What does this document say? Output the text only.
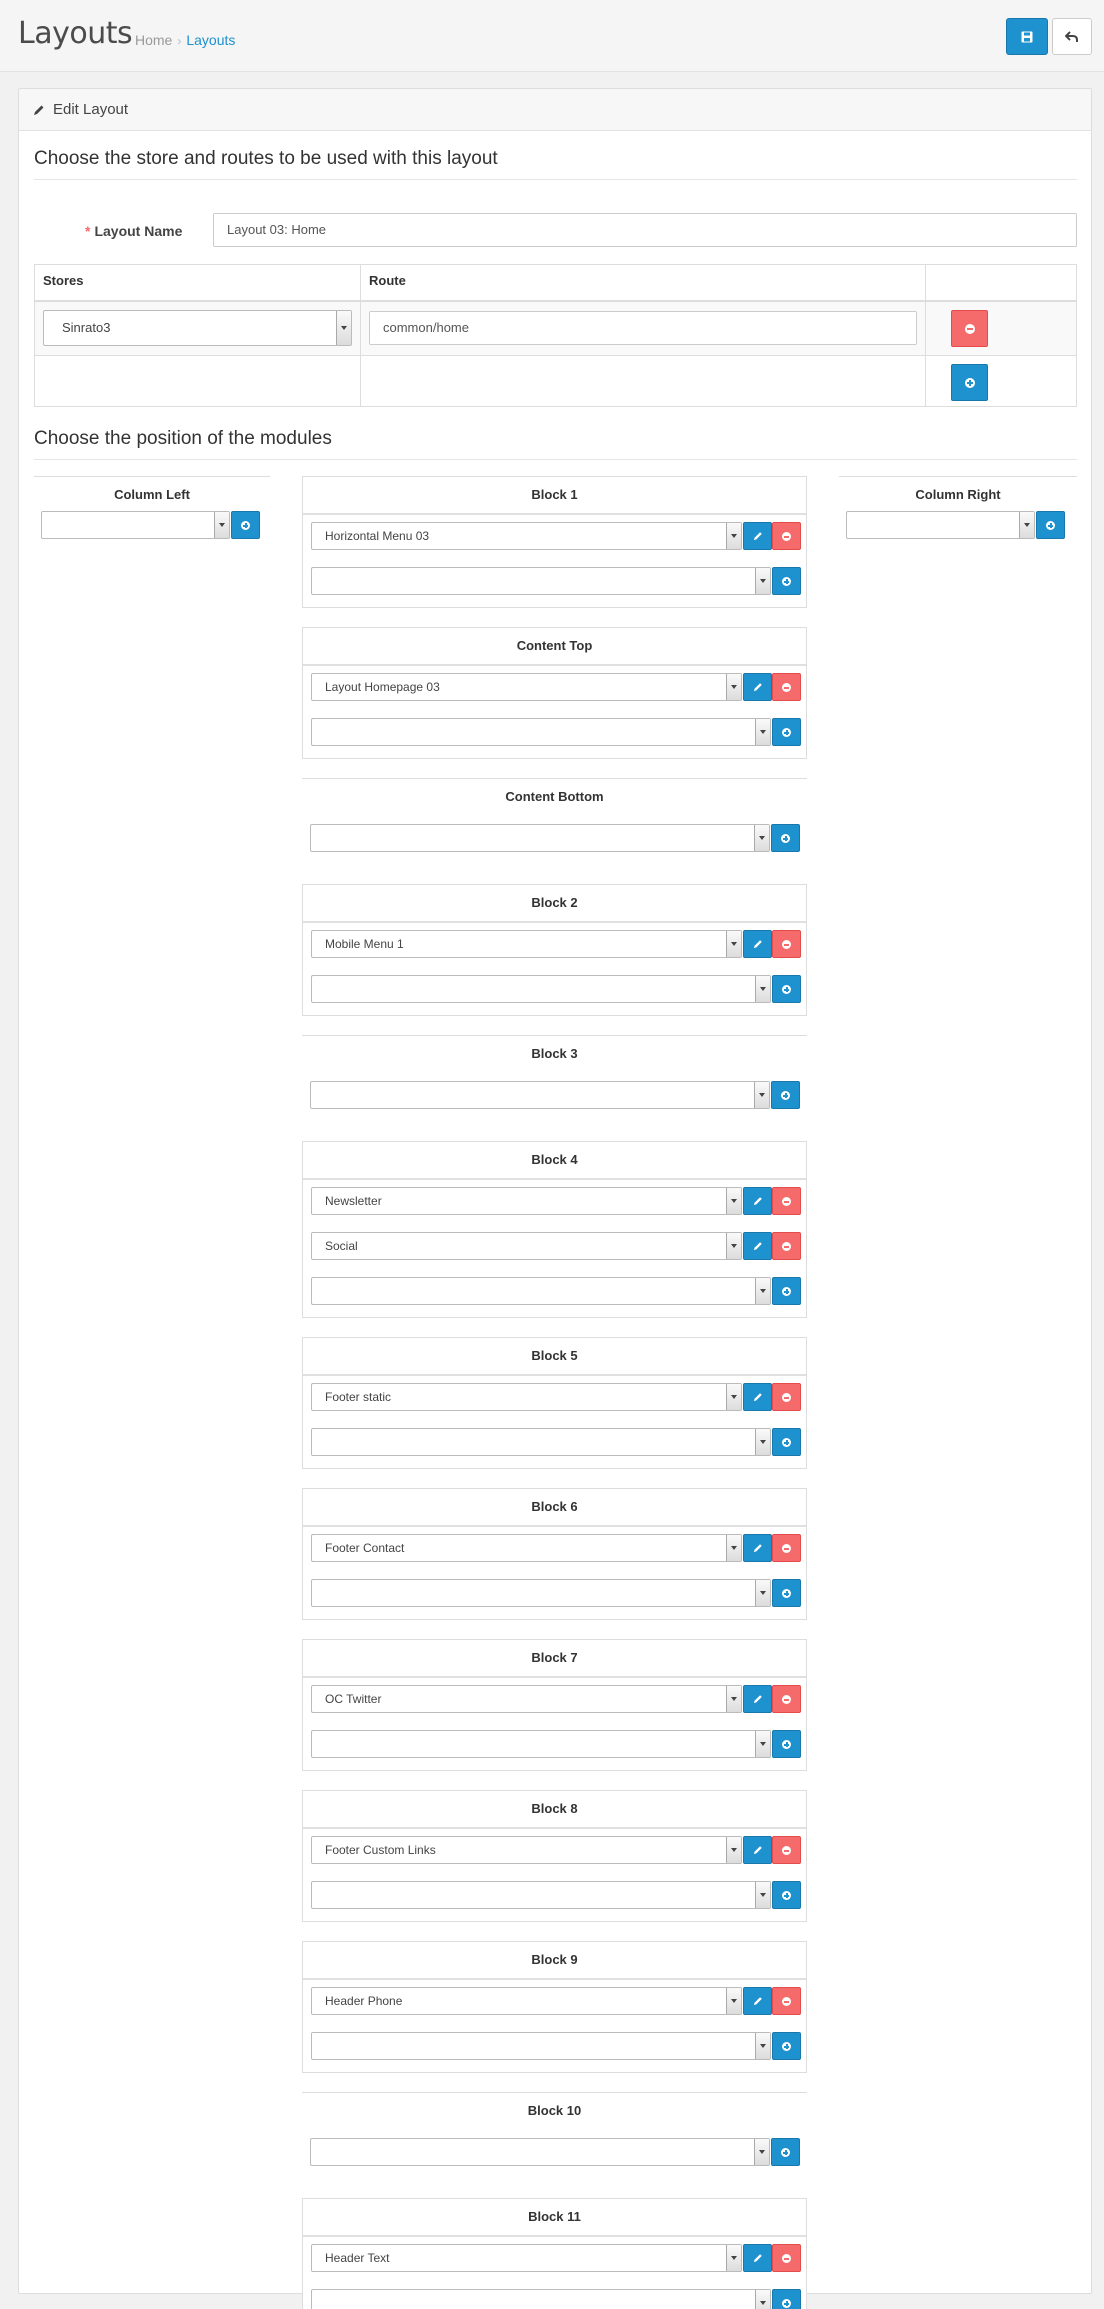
Layouts Home › Layouts
Edit Layout
Choose the store and routes to be used with this layout
* Layout Name	Layout 03: Home
Stores	Route
Sinrato3	common/home
Choose the position of the modules
Column Left	Column Right
Block 1
Horizontal Menu 03
Content Top
Layout Homepage 03
Content Bottom
Block 2
Mobile Menu 1
Block 3
Block 4
Newsletter
Social
Block 5
Footer static
Block 6
Footer Contact
Block 7
OC Twitter
Block 8
Footer Custom Links
Block 9
Header Phone
Block 10
Block 11
Header Text
